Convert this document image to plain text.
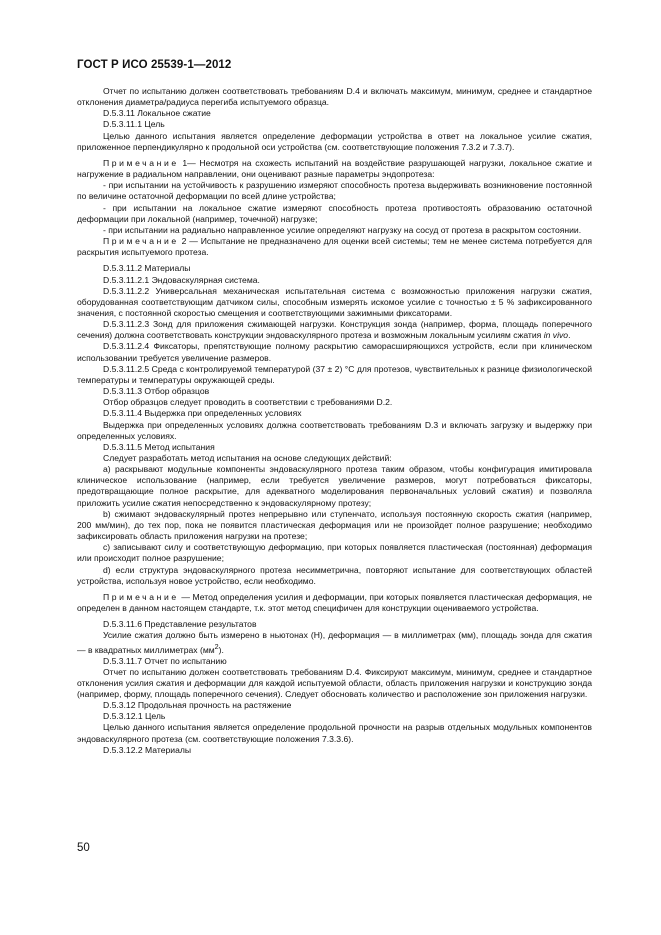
ГОСТ Р ИСО 25539-1—2012

Отчет по испытанию должен соответствовать требованиям D.4 и включать максимум, минимум, среднее и стандартное отклонения диаметра/радиуса перегиба испытуемого образца.

D.5.3.11 Локальное сжатие

D.5.3.11.1 Цель

Целью данного испытания является определение деформации устройства в ответ на локальное усилие сжатия, приложенное перпендикулярно к продольной оси устройства (см. соответствующие положения 7.3.2 и 7.3.7).

Примечание 1— Несмотря на схожесть испытаний на воздействие разрушающей нагрузки, локальное сжатие и нагружение в радиальном направлении, они оценивают разные параметры эндопротеза:

- при испытании на устойчивость к разрушению измеряют способность протеза выдерживать возникновение постоянной по величине остаточной деформации по всей длине устройства;

- при испытании на локальное сжатие измеряют способность протеза противостоять образованию остаточной деформации при локальной (например, точечной) нагрузке;

- при испытании на радиально направленное усилие определяют нагрузку на сосуд от протеза в раскрытом состоянии.

Примечание 2 — Испытание не предназначено для оценки всей системы; тем не менее система потребуется для раскрытия испытуемого протеза.

D.5.3.11.2 Материалы

D.5.3.11.2.1 Эндоваскулярная система.

D.5.3.11.2.2 Универсальная механическая испытательная система с возможностью приложения нагрузки сжатия, оборудованная соответствующим датчиком силы, способным измерять искомое усилие с точностью ± 5 % зафиксированного значения, с постоянной скоростью смещения и соответствующими зажимными фиксаторами.

D.5.3.11.2.3 Зонд для приложения сжимающей нагрузки. Конструкция зонда (например, форма, площадь поперечного сечения) должна соответствовать конструкции эндоваскулярного протеза и возможным локальным усилиям сжатия in vivo.

D.5.3.11.2.4 Фиксаторы, препятствующие полному раскрытию саморасширяющихся устройств, если при клиническом использовании требуется увеличение размеров.

D.5.3.11.2.5 Среда с контролируемой температурой (37 ± 2) °С для протезов, чувствительных к разнице физиологической температуры и температуры окружающей среды.

D.5.3.11.3 Отбор образцов

Отбор образцов следует проводить в соответствии с требованиями D.2.

D.5.3.11.4 Выдержка при определенных условиях

Выдержка при определенных условиях должна соответствовать требованиям D.3 и включать загрузку и выдержку при определенных условиях.

D.5.3.11.5 Метод испытания

Следует разработать метод испытания на основе следующих действий:

а) раскрывают модульные компоненты эндоваскулярного протеза таким образом, чтобы конфигурация имитировала клиническое использование (например, если требуется увеличение размеров, могут потребоваться фиксаторы, предотвращающие полное раскрытие, для адекватного моделирования первоначальных условий сжатия) и позволяла приложить усилие сжатия непосредственно к эндоваскулярному протезу;

b) сжимают эндоваскулярный протез непрерывно или ступенчато, используя постоянную скорость сжатия (например, 200 мм/мин), до тех пор, пока не появится пластическая деформация или не произойдет полное разрушение; необходимо зафиксировать область приложения нагрузки на протезе;

c) записывают силу и соответствующую деформацию, при которых появляется пластическая (постоянная) деформация или происходит полное разрушение;

d) если структура эндоваскулярного протеза несимметрична, повторяют испытание для соответствующих областей устройства, используя новое устройство, если необходимо.

Примечание — Метод определения усилия и деформации, при которых появляется пластическая деформация, не определен в данном настоящем стандарте, т.к. этот метод специфичен для конструкции оцениваемого устройства.

D.5.3.11.6 Представление результатов

Усилие сжатия должно быть измерено в ньютонах (Н), деформация — в миллиметрах (мм), площадь зонда для сжатия — в квадратных миллиметрах $(мм^2)$.

D.5.3.11.7 Отчет по испытанию

Отчет по испытанию должен соответствовать требованиям D.4. Фиксируют максимум, минимум, среднее и стандартное отклонения усилия сжатия и деформации для каждой испытуемой области, область приложения нагрузки и конструкцию зонда (например, форму, площадь поперечного сечения). Следует обосновать количество и расположение зон приложения нагрузки.

D.5.3.12 Продольная прочность на растяжение

D.5.3.12.1 Цель

Целью данного испытания является определение продольной прочности на разрыв отдельных модульных компонентов эндоваскулярного протеза (см. соответствующие положения 7.3.3.6).

D.5.3.12.2 Материалы

50
